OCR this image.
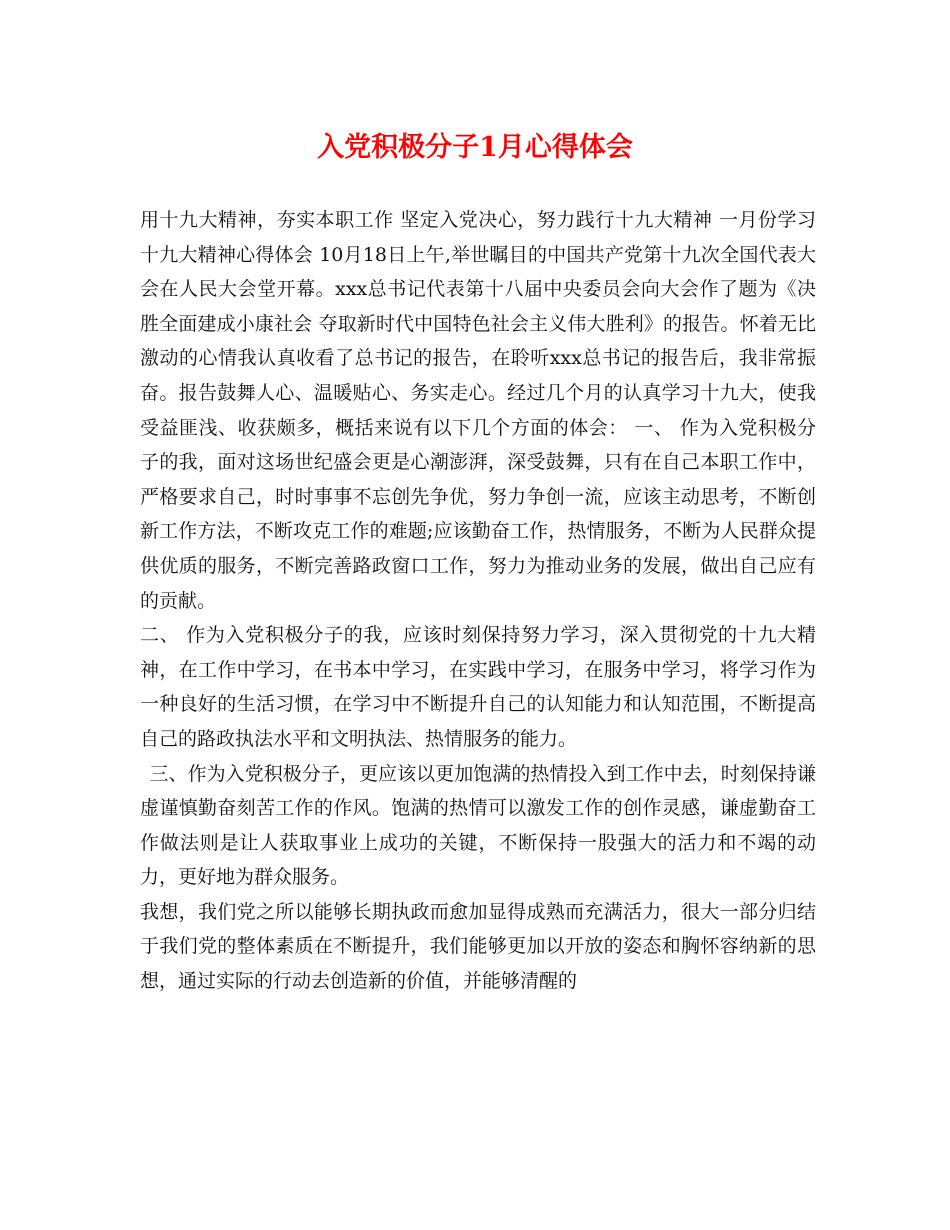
入党积极分子1月心得体会

用十九大精神，夯实本职工作 坚定入党决心，努力践行十九大精神 一月份学习十九大精神心得体会 10月18日上午,举世瞩目的中国共产党第十九次全国代表大会在人民大会堂开幕。xxx总书记代表第十八届中央委员会向大会作了题为《决胜全面建成小康社会 夺取新时代中国特色社会主义伟大胜利》的报告。怀着无比激动的心情我认真收看了总书记的报告，在聆听xxx总书记的报告后，我非常振奋。报告鼓舞人心、温暖贴心、务实走心。经过几个月的认真学习十九大，使我受益匪浅、收获颇多，概括来说有以下几个方面的体会： 一、 作为入党积极分子的我，面对这场世纪盛会更是心潮澎湃，深受鼓舞，只有在自己本职工作中，严格要求自己，时时事事不忘创先争优，努力争创一流，应该主动思考，不断创新工作方法，不断攻克工作的难题;应该勤奋工作，热情服务，不断为人民群众提供优质的服务，不断完善路政窗口工作，努力为推动业务的发展，做出自己应有的贡献。

二、 作为入党积极分子的我，应该时刻保持努力学习，深入贯彻党的十九大精神，在工作中学习，在书本中学习，在实践中学习，在服务中学习，将学习作为一种良好的生活习惯，在学习中不断提升自己的认知能力和认知范围，不断提高自己的路政执法水平和文明执法、热情服务的能力。

三、作为入党积极分子，更应该以更加饱满的热情投入到工作中去，时刻保持谦虚谨慎勤奋刻苦工作的作风。饱满的热情可以激发工作的创作灵感，谦虚勤奋工作做法则是让人获取事业上成功的关键，不断保持一股强大的活力和不竭的动力，更好地为群众服务。

我想，我们党之所以能够长期执政而愈加显得成熟而充满活力，很大一部分归结于我们党的整体素质在不断提升，我们能够更加以开放的姿态和胸怀容纳新的思想，通过实际的行动去创造新的价值，并能够清醒的
